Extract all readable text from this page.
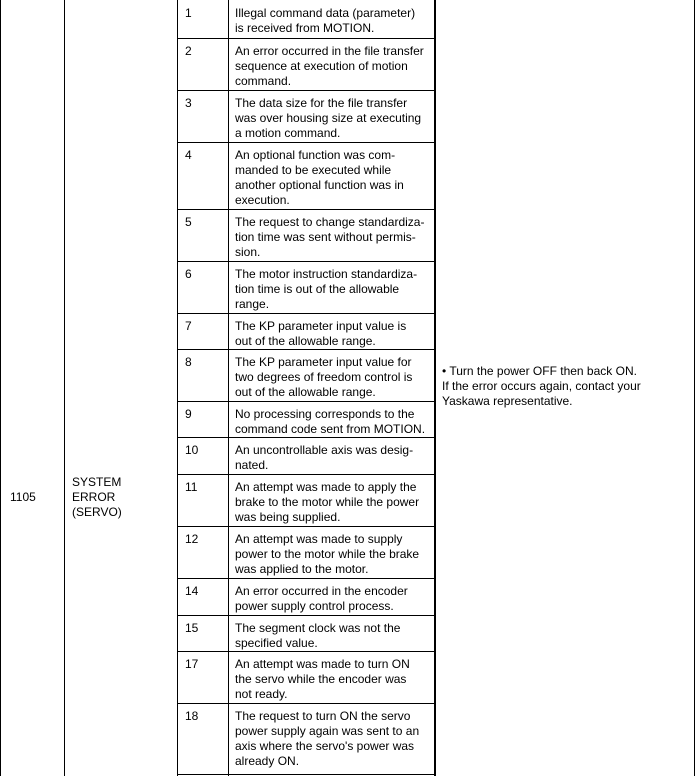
1105
SYSTEM
ERROR
(SERVO)
1	Illegal command data (parameter)
is received from MOTION.
2	An error occurred in the file transfer
sequence at execution of motion
command.
3	The data size for the file transfer
was over housing size at executing
a motion command.
4	An optional function was com-
manded to be executed while
another optional function was in
execution.
5	The request to change standardiza-
tion time was sent without permis-
sion.
6	The motor instruction standardiza-
tion time is out of the allowable
range.
7	The KP parameter input value is
out of the allowable range.
8	The KP parameter input value for
two degrees of freedom control is
out of the allowable range.
9	No processing corresponds to the
command code sent from MOTION.
10	An uncontrollable axis was desig-
nated.
11	An attempt was made to apply the
brake to the motor while the power
was being supplied.
12	An attempt was made to supply
power to the motor while the brake
was applied to the motor.
14	An error occurred in the encoder
power supply control process.
15	The segment clock was not the
specified value.
17	An attempt was made to turn ON
the servo while the encoder was
not ready.
18	The request to turn ON the servo
power supply again was sent to an
axis where the servo's power was
already ON.
• Turn the power OFF then back ON.
If the error occurs again, contact your
Yaskawa representative.
